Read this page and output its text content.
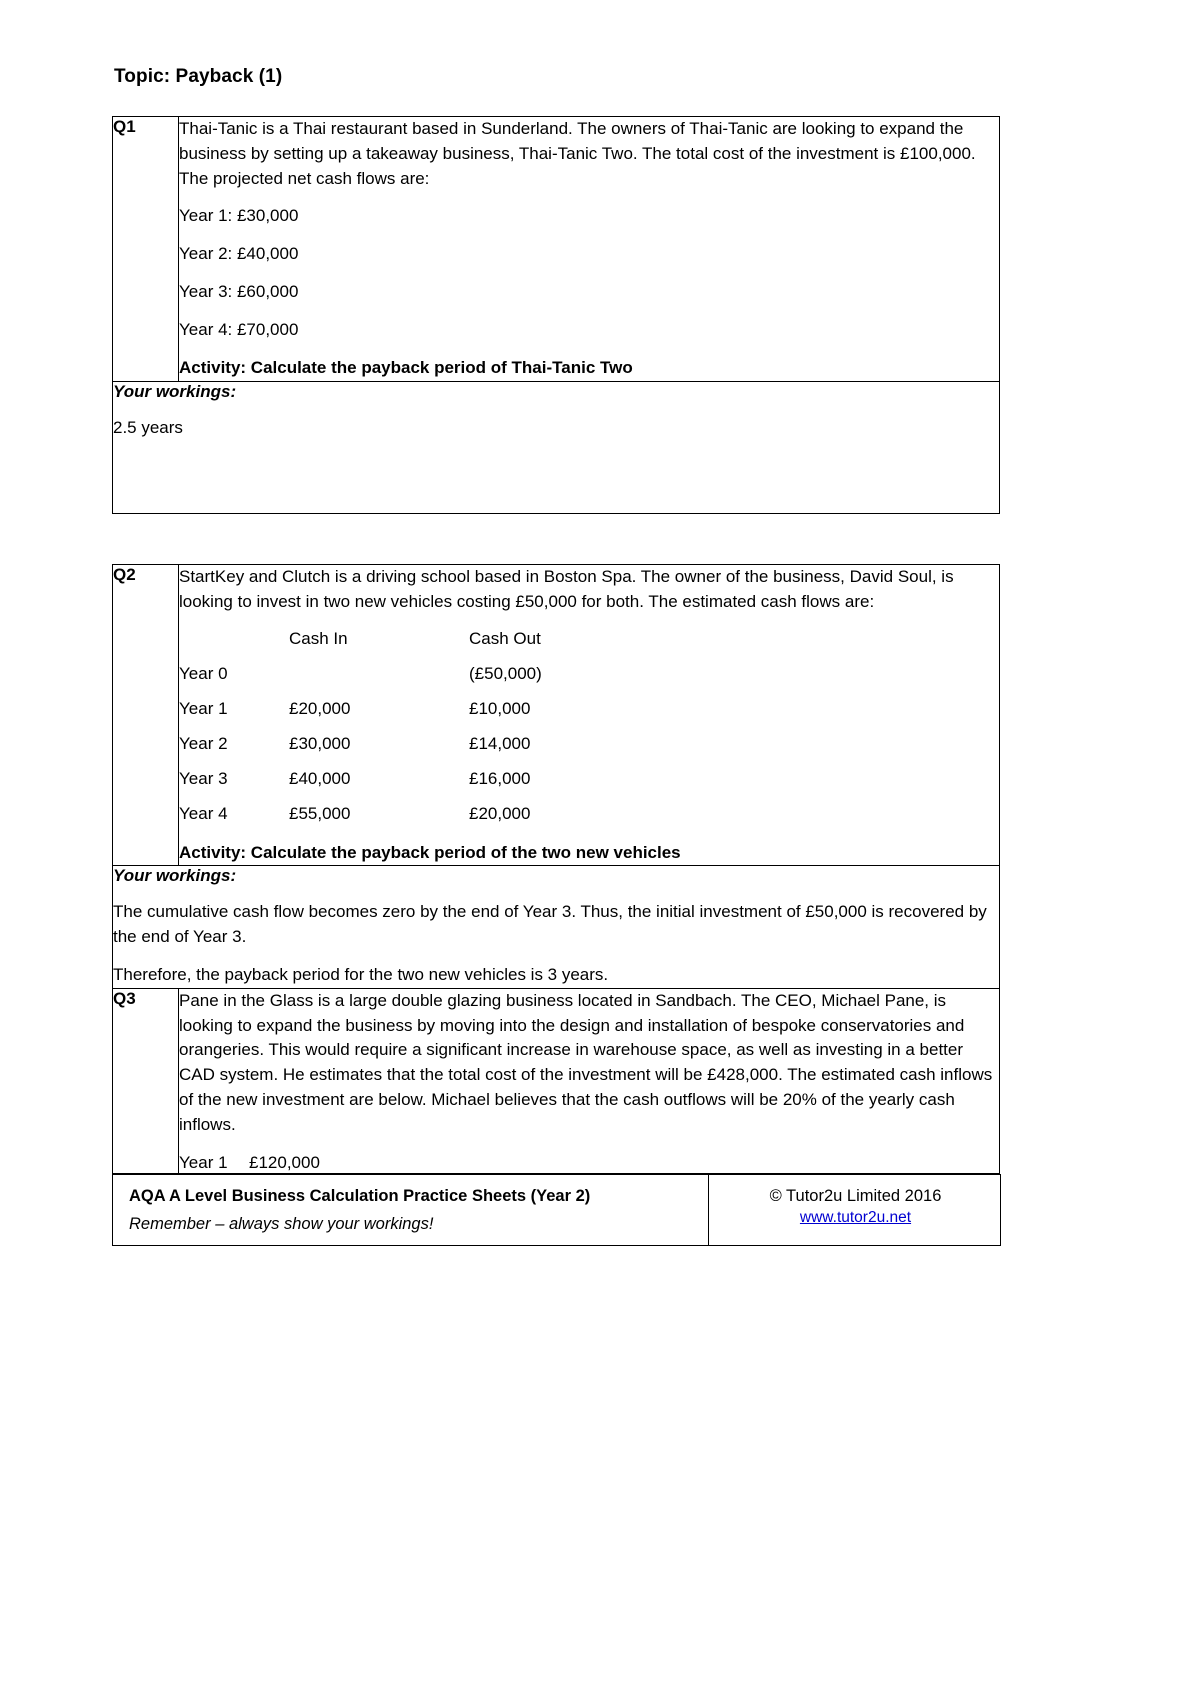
Topic: Payback (1)
Q1	Thai-Tanic is a Thai restaurant based in Sunderland. The owners of Thai-Tanic are looking to expand the business by setting up a takeaway business, Thai-Tanic Two. The total cost of the investment is £100,000. The projected net cash flows are:

Year 1: £30,000

Year 2: £40,000

Year 3: £60,000

Year 4: £70,000

Activity: Calculate the payback period of Thai-Tanic Two

Your workings:

2.5 years

Q2	StartKey and Clutch is a driving school based in Boston Spa. The owner of the business, David Soul, is looking to invest in two new vehicles costing £50,000 for both. The estimated cash flows are:

	Cash In	Cash Out
Year 0		(£50,000)
Year 1	£20,000	£10,000
Year 2	£30,000	£14,000
Year 3	£40,000	£16,000
Year 4	£55,000	£20,000

Activity: Calculate the payback period of the two new vehicles

Your workings:

The cumulative cash flow becomes zero by the end of Year 3. Thus, the initial investment of £50,000 is recovered by the end of Year 3.

Therefore, the payback period for the two new vehicles is 3 years.

Q3	Pane in the Glass is a large double glazing business located in Sandbach. The CEO, Michael Pane, is looking to expand the business by moving into the design and installation of bespoke conservatories and orangeries. This would require a significant increase in warehouse space, as well as investing in a better CAD system. He estimates that the total cost of the investment will be £428,000. The estimated cash inflows of the new investment are below. Michael believes that the cash outflows will be 20% of the yearly cash inflows.

Year 1 £120,000

AQA A Level Business Calculation Practice Sheets (Year 2)

Remember – always show your workings!

© Tutor2u Limited 2016

www.tutor2u.net
